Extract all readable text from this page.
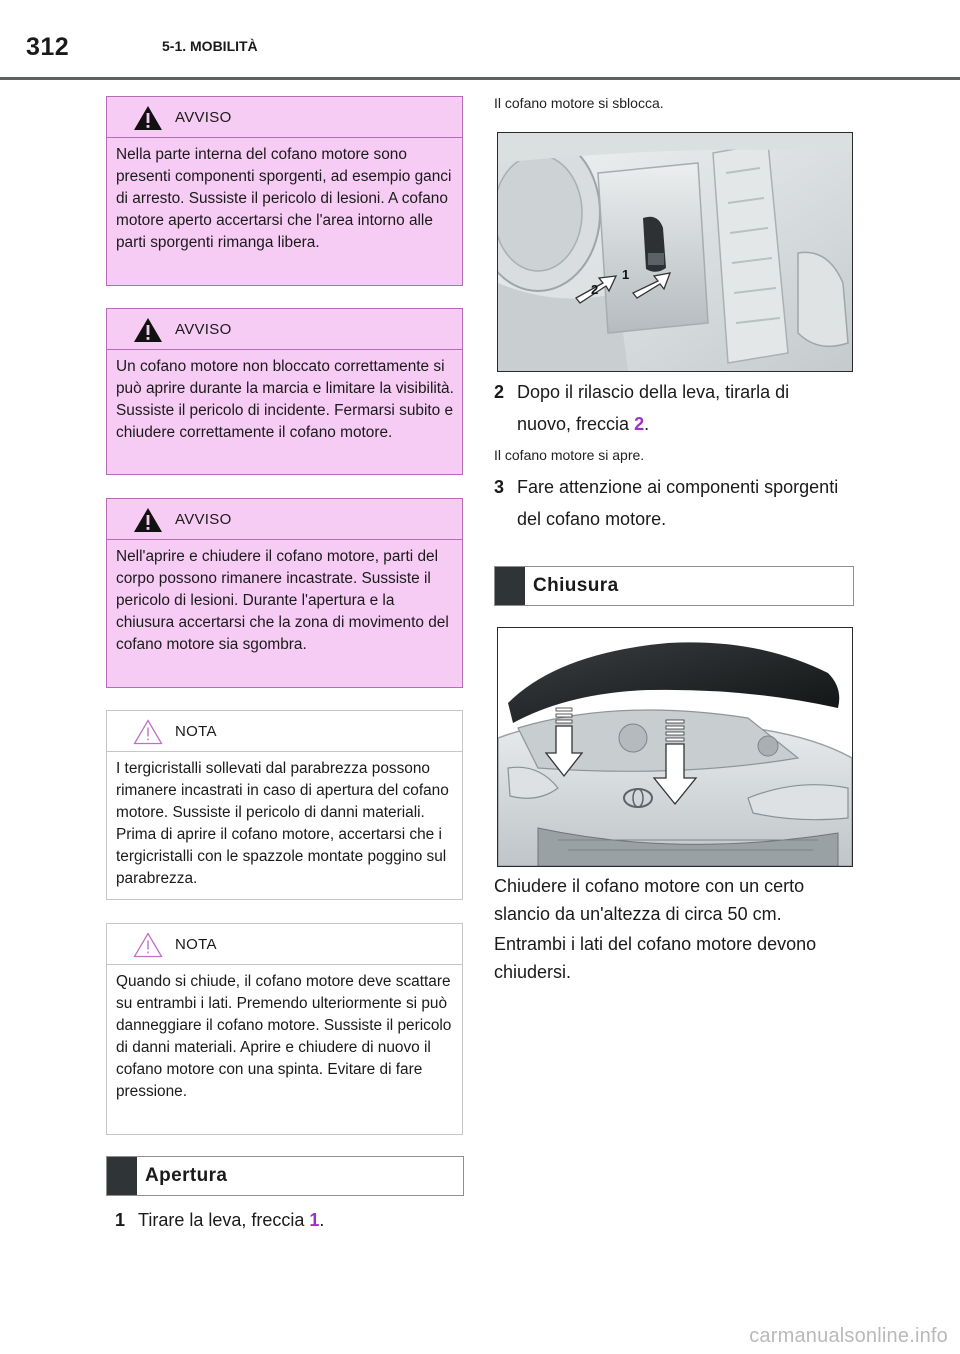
312	5-1. MOBILITÀ
AVVISO
Nella parte interna del cofano motore sono presenti componenti sporgenti, ad esempio ganci di arresto. Sussiste il pericolo di lesioni. A cofano motore aperto accertarsi che l'area intorno alle parti sporgenti rimanga libera.
AVVISO
Un cofano motore non bloccato correttamente si può aprire durante la marcia e limitare la visibilità. Sussiste il pericolo di incidente. Fermarsi subito e chiudere correttamente il cofano motore.
AVVISO
Nell'aprire e chiudere il cofano motore, parti del corpo possono rimanere incastrate. Sussiste il pericolo di lesioni. Durante l'apertura e la chiusura accertarsi che la zona di movimento del cofano motore sia sgombra.
NOTA
I tergicristalli sollevati dal parabrezza possono rimanere incastrati in caso di apertura del cofano motore. Sussiste il pericolo di danni materiali. Prima di aprire il cofano motore, accertarsi che i tergicristalli con le spazzole montate poggino sul parabrezza.
NOTA
Quando si chiude, il cofano motore deve scattare su entrambi i lati. Premendo ulteriormente si può danneggiare il cofano motore. Sussiste il pericolo di danni materiali. Aprire e chiudere di nuovo il cofano motore con una spinta. Evitare di fare pressione.
Apertura
1 Tirare la leva, freccia 1.
Il cofano motore si sblocca.
1
2
2 Dopo il rilascio della leva, tirarla di nuovo, freccia 2.
Il cofano motore si apre.
3 Fare attenzione ai componenti sporgenti del cofano motore.
Chiusura
Chiudere il cofano motore con un certo slancio da un'altezza di circa 50 cm.
Entrambi i lati del cofano motore devono chiudersi.
carmanualsonline.info
